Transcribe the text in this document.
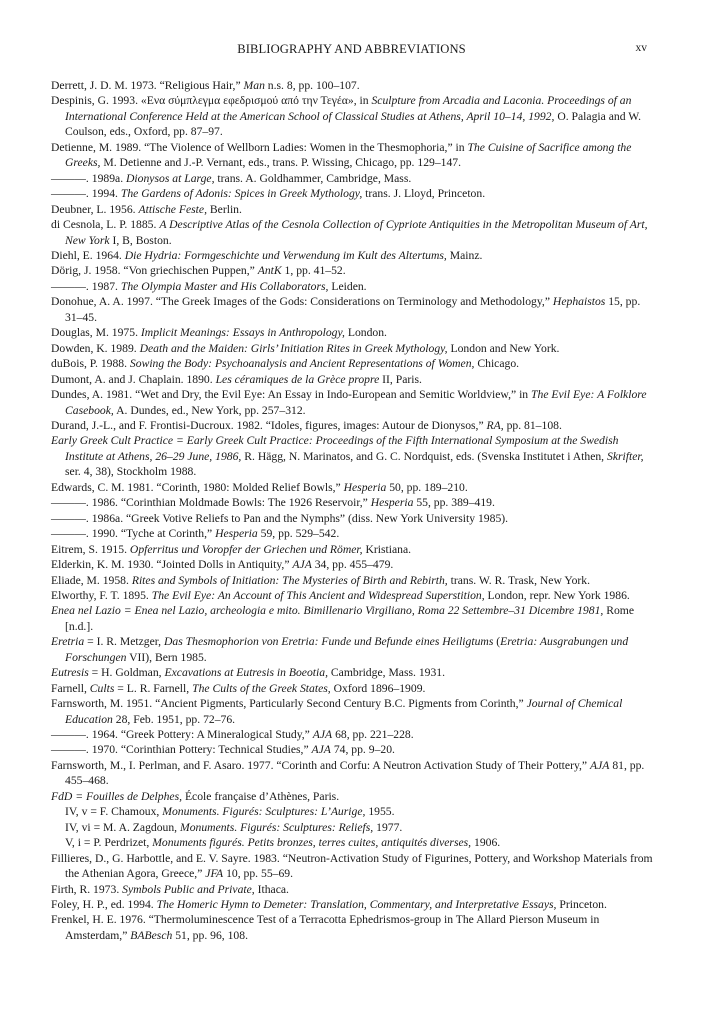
BIBLIOGRAPHY AND ABBREVIATIONS	xv

Derrett, J. D. M. 1973. “Religious Hair,” Man n.s. 8, pp. 100–107.

Despinis, G. 1993. «Ενα σύμπλεγμα εφεδρισμού από την Τεγέα», in Sculpture from Arcadia and Laconia. Proceedings of an International Conference Held at the American School of Classical Studies at Athens, April 10–14, 1992, O. Palagia and W. Coulson, eds., Oxford, pp. 87–97.

Detienne, M. 1989. “The Violence of Wellborn Ladies: Women in the Thesmophoria,” in The Cuisine of Sacrifice among the Greeks, M. Detienne and J.-P. Vernant, eds., trans. P. Wissing, Chicago, pp. 129–147.

———. 1989a. Dionysos at Large, trans. A. Goldhammer, Cambridge, Mass.

———. 1994. The Gardens of Adonis: Spices in Greek Mythology, trans. J. Lloyd, Princeton.

Deubner, L. 1956. Attische Feste, Berlin.

di Cesnola, L. P. 1885. A Descriptive Atlas of the Cesnola Collection of Cypriote Antiquities in the Metropolitan Museum of Art, New York I, B, Boston.

Diehl, E. 1964. Die Hydria: Formgeschichte und Verwendung im Kult des Altertums, Mainz.

Dörig, J. 1958. “Von griechischen Puppen,” AntK 1, pp. 41–52.

———. 1987. The Olympia Master and His Collaborators, Leiden.

Donohue, A. A. 1997. “The Greek Images of the Gods: Considerations on Terminology and Methodology,” Hephaistos 15, pp. 31–45.

Douglas, M. 1975. Implicit Meanings: Essays in Anthropology, London.

Dowden, K. 1989. Death and the Maiden: Girls’ Initiation Rites in Greek Mythology, London and New York.

duBois, P. 1988. Sowing the Body: Psychoanalysis and Ancient Representations of Women, Chicago.

Dumont, A. and J. Chaplain. 1890. Les céramiques de la Grèce propre II, Paris.

Dundes, A. 1981. “Wet and Dry, the Evil Eye: An Essay in Indo-European and Semitic Worldview,” in The Evil Eye: A Folklore Casebook, A. Dundes, ed., New York, pp. 257–312.

Durand, J.-L., and F. Frontisi-Ducroux. 1982. “Idoles, figures, images: Autour de Dionysos,” RA, pp. 81–108.

Early Greek Cult Practice = Early Greek Cult Practice: Proceedings of the Fifth International Symposium at the Swedish Institute at Athens, 26–29 June, 1986, R. Hägg, N. Marinatos, and G. C. Nordquist, eds. (Svenska Institutet i Athen, Skrifter, ser. 4, 38), Stockholm 1988.

Edwards, C. M. 1981. “Corinth, 1980: Molded Relief Bowls,” Hesperia 50, pp. 189–210.

———. 1986. “Corinthian Moldmade Bowls: The 1926 Reservoir,” Hesperia 55, pp. 389–419.

———. 1986a. “Greek Votive Reliefs to Pan and the Nymphs” (diss. New York University 1985).

———. 1990. “Tyche at Corinth,” Hesperia 59, pp. 529–542.

Eitrem, S. 1915. Opferritus und Voropfer der Griechen und Römer, Kristiana.

Elderkin, K. M. 1930. “Jointed Dolls in Antiquity,” AJA 34, pp. 455–479.

Eliade, M. 1958. Rites and Symbols of Initiation: The Mysteries of Birth and Rebirth, trans. W. R. Trask, New York.

Elworthy, F. T. 1895. The Evil Eye: An Account of This Ancient and Widespread Superstition, London, repr. New York 1986.

Enea nel Lazio = Enea nel Lazio, archeologia e mito. Bimillenario Virgiliano, Roma 22 Settembre–31 Dicembre 1981, Rome [n.d.].

Eretria = I. R. Metzger, Das Thesmophorion von Eretria: Funde und Befunde eines Heiligtums (Eretria: Ausgrabungen und Forschungen VII), Bern 1985.

Eutresis = H. Goldman, Excavations at Eutresis in Boeotia, Cambridge, Mass. 1931.

Farnell, Cults = L. R. Farnell, The Cults of the Greek States, Oxford 1896–1909.

Farnsworth, M. 1951. “Ancient Pigments, Particularly Second Century B.C. Pigments from Corinth,” Journal of Chemical Education 28, Feb. 1951, pp. 72–76.

———. 1964. “Greek Pottery: A Mineralogical Study,” AJA 68, pp. 221–228.

———. 1970. “Corinthian Pottery: Technical Studies,” AJA 74, pp. 9–20.

Farnsworth, M., I. Perlman, and F. Asaro. 1977. “Corinth and Corfu: A Neutron Activation Study of Their Pottery,” AJA 81, pp. 455–468.

FdD = Fouilles de Delphes, École française d’Athènes, Paris.

IV, v = F. Chamoux, Monuments. Figurés: Sculptures: L’Aurige, 1955.

IV, vi = M. A. Zagdoun, Monuments. Figurés: Sculptures: Reliefs, 1977.

V, i = P. Perdrizet, Monuments figurés. Petits bronzes, terres cuites, antiquités diverses, 1906.

Fillieres, D., G. Harbottle, and E. V. Sayre. 1983. “Neutron-Activation Study of Figurines, Pottery, and Workshop Materials from the Athenian Agora, Greece,” JFA 10, pp. 55–69.

Firth, R. 1973. Symbols Public and Private, Ithaca.

Foley, H. P., ed. 1994. The Homeric Hymn to Demeter: Translation, Commentary, and Interpretative Essays, Princeton.

Frenkel, H. E. 1976. “Thermoluminescence Test of a Terracotta Ephedrismos-group in The Allard Pierson Museum in Amsterdam,” BABesch 51, pp. 96, 108.
